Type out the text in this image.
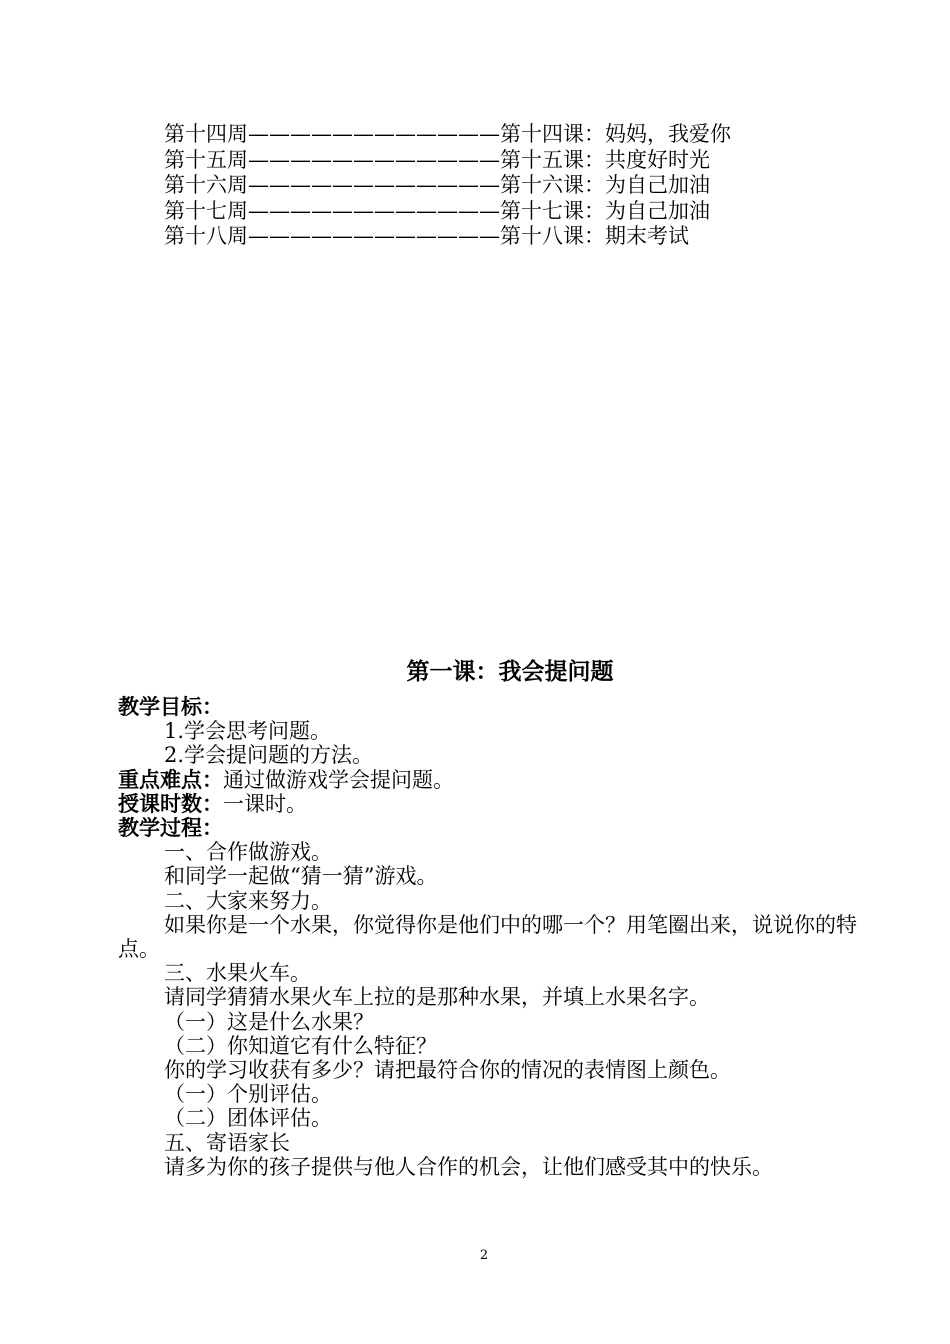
第十四周————————————第十四课：妈妈，我爱你
第十五周————————————第十五课：共度好时光
第十六周————————————第十六课：为自己加油
第十七周————————————第十七课：为自己加油
第十八周————————————第十八课：期末考试
第一课：我会提问题
教学目标：
1.学会思考问题。
2.学会提问题的方法。
重点难点：通过做游戏学会提问题。
授课时数：一课时。
教学过程：
一、合作做游戏。
和同学一起做“猜一猜”游戏。
二、大家来努力。
如果你是一个水果，你觉得你是他们中的哪一个？用笔圈出来，说说你的特点。
三、水果火车。
请同学猜猜水果火车上拉的是那种水果，并填上水果名字。
（一）这是什么水果？
（二）你知道它有什么特征？
你的学习收获有多少？请把最符合你的情况的表情图上颜色。
（一）个别评估。
（二）团体评估。
五、寄语家长
请多为你的孩子提供与他人合作的机会，让他们感受其中的快乐。
2
